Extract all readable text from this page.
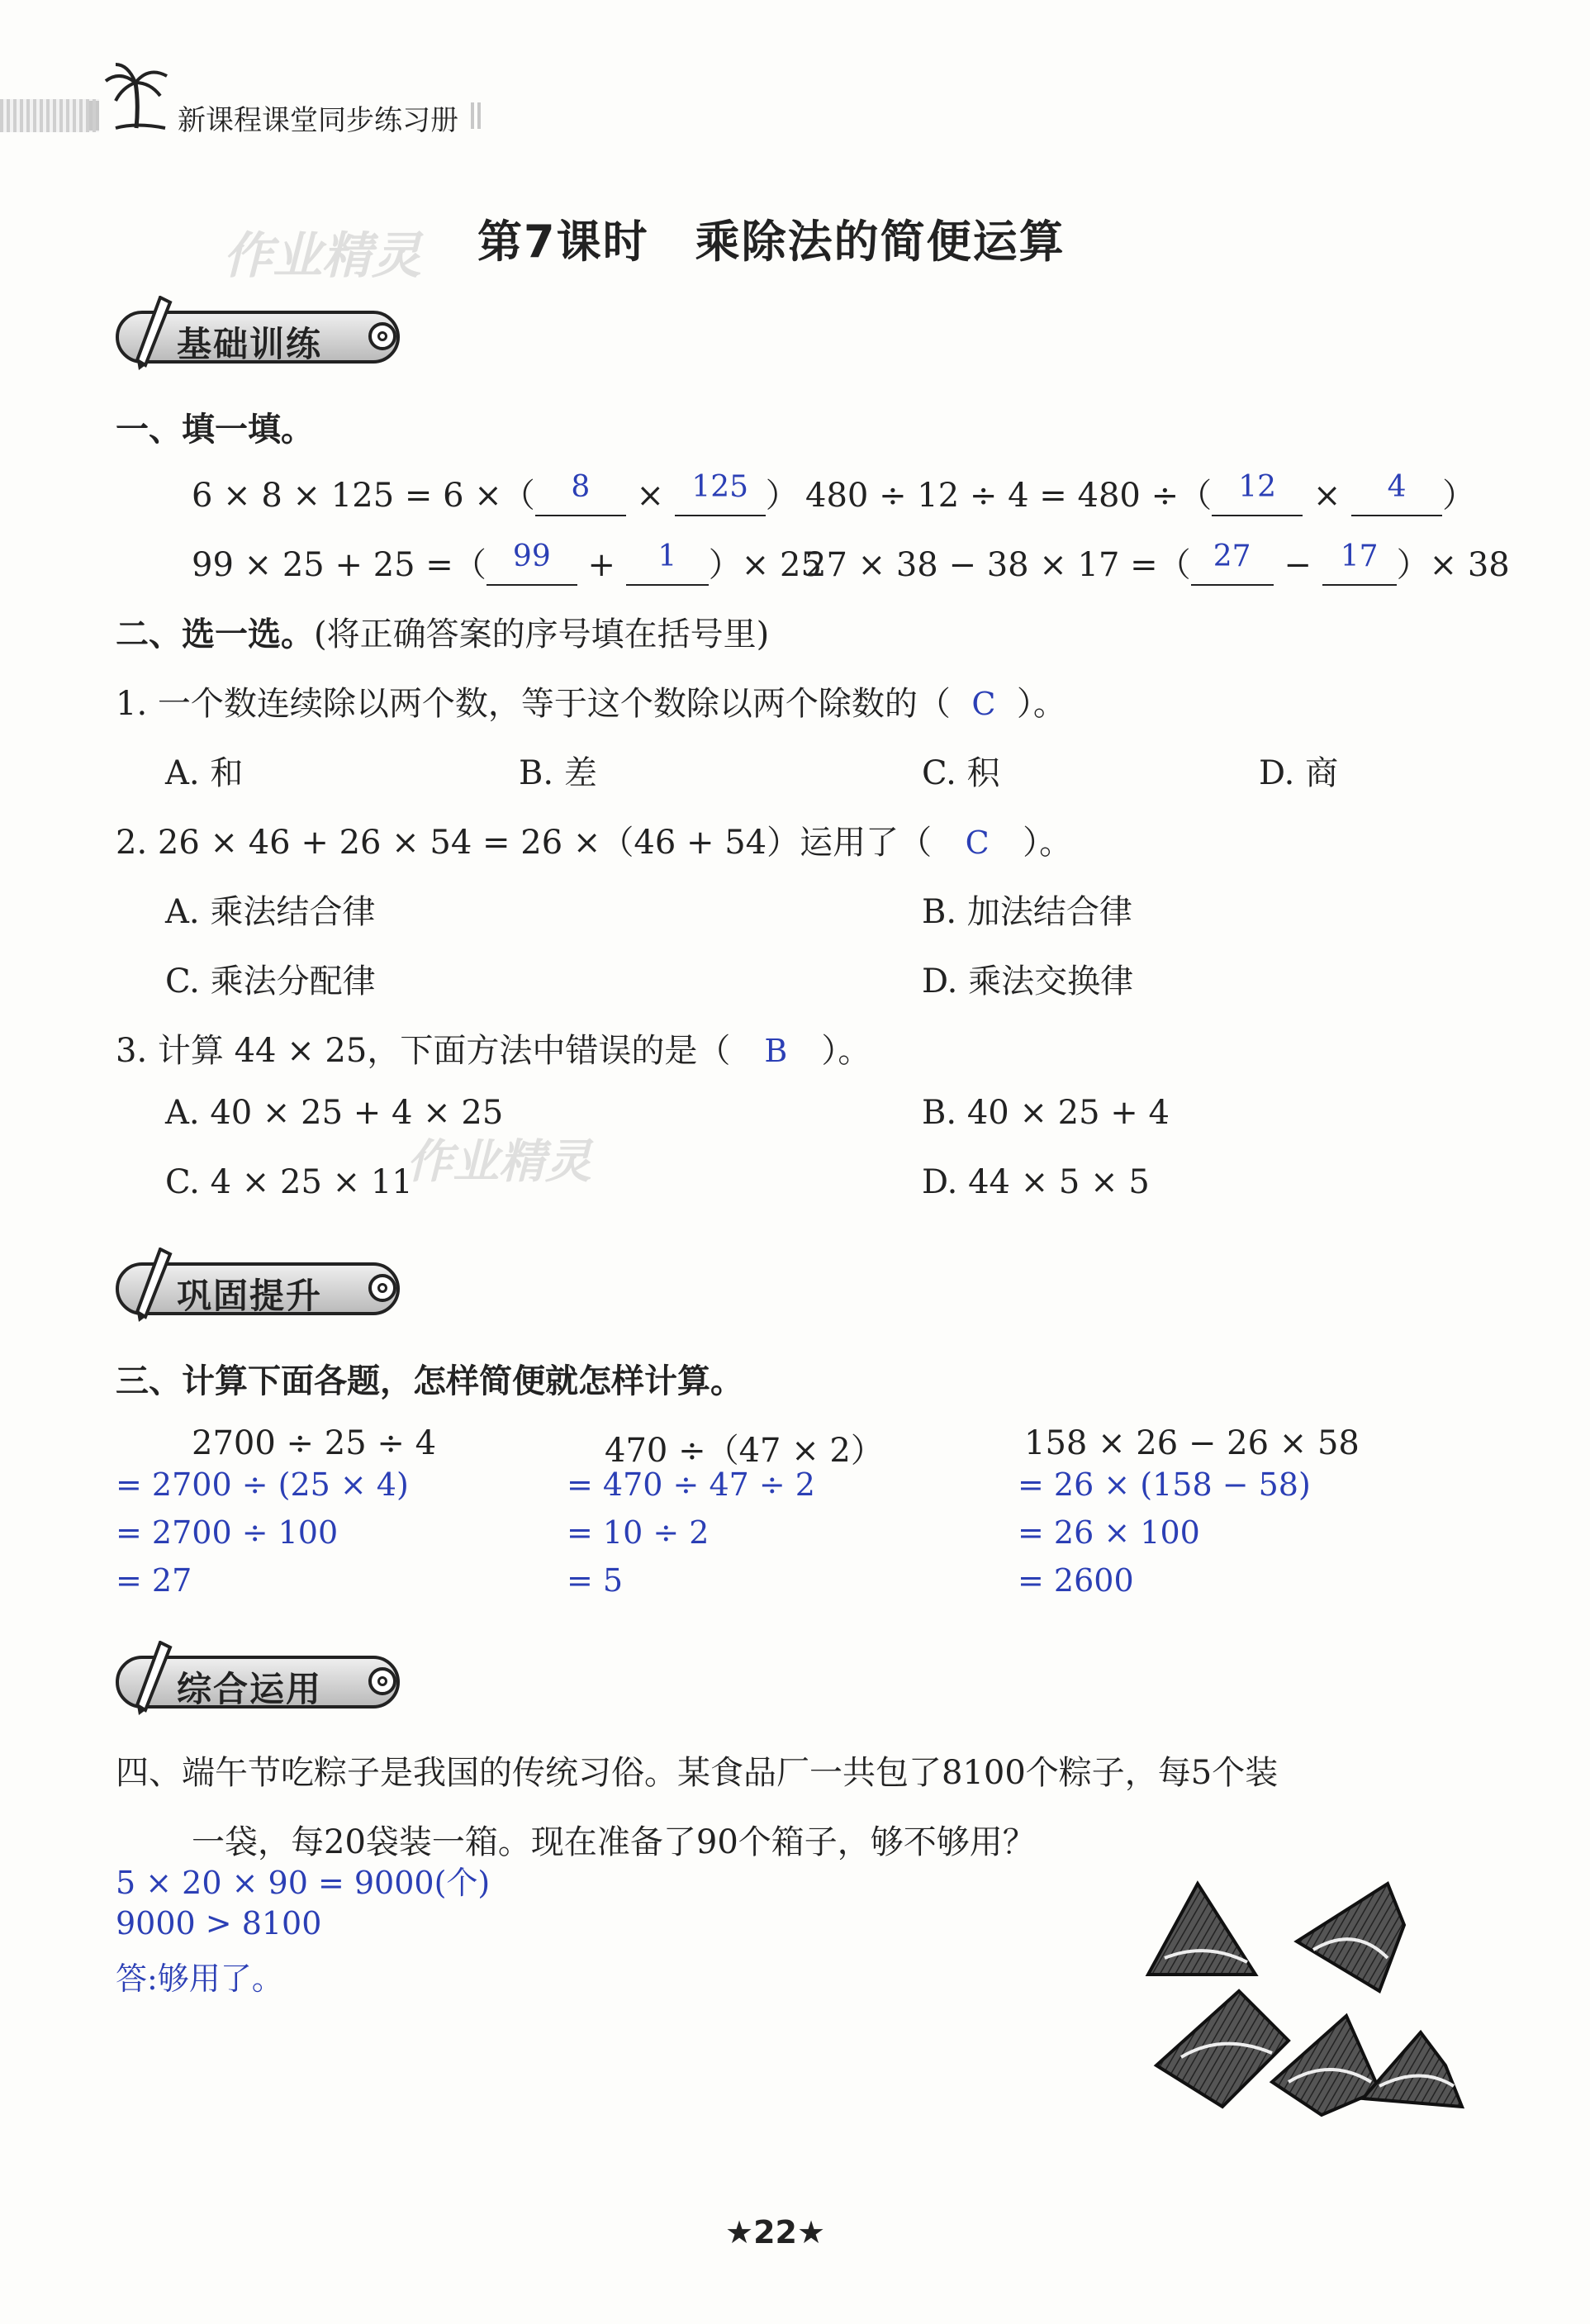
新课程课堂同步练习册
作业精灵 第7课时　乘除法的简便运算
基础训练
一、填一填。
6 × 8 × 125 = 6 ×（ 8 × 125 ） 480 ÷ 12 ÷ 4 = 480 ÷（ 12 × 4 ）
99 × 25 + 25 =（ 99 + 1 ）× 25
27 × 38 − 38 × 17 =（ 27 − 17 ）× 38
二、选一选。(将正确答案的序号填在括号里)
1. 一个数连续除以两个数，等于这个数除以两个除数的（ C ）。
A. 和	B. 差	C. 积	D. 商
2. 26 × 46 + 26 × 54 = 26 ×（46 + 54）运用了（ C ）。
A. 乘法结合律	B. 加法结合律
C. 乘法分配律	D. 乘法交换律
3. 计算 44 × 25，下面方法中错误的是（ B ）。
A. 40 × 25 + 4 × 25	B. 40 × 25 + 4
C. 4 × 25 × 11	D. 44 × 5 × 5
作业精灵
巩固提升
三、计算下面各题，怎样简便就怎样计算。
2700 ÷ 25 ÷ 4
= 2700 ÷ (25 × 4)
= 2700 ÷ 100
= 27
470 ÷（47 × 2）
= 470 ÷ 47 ÷ 2
= 10 ÷ 2
= 5
158 × 26 − 26 × 58
= 26 × (158 − 58)
= 26 × 100
= 2600
综合运用
四、端午节吃粽子是我国的传统习俗。某食品厂一共包了8100个粽子，每5个装
一袋，每20袋装一箱。现在准备了90个箱子，够不够用？
5 × 20 × 90 = 9000(个)
9000 > 8100
答:够用了。
★22★
